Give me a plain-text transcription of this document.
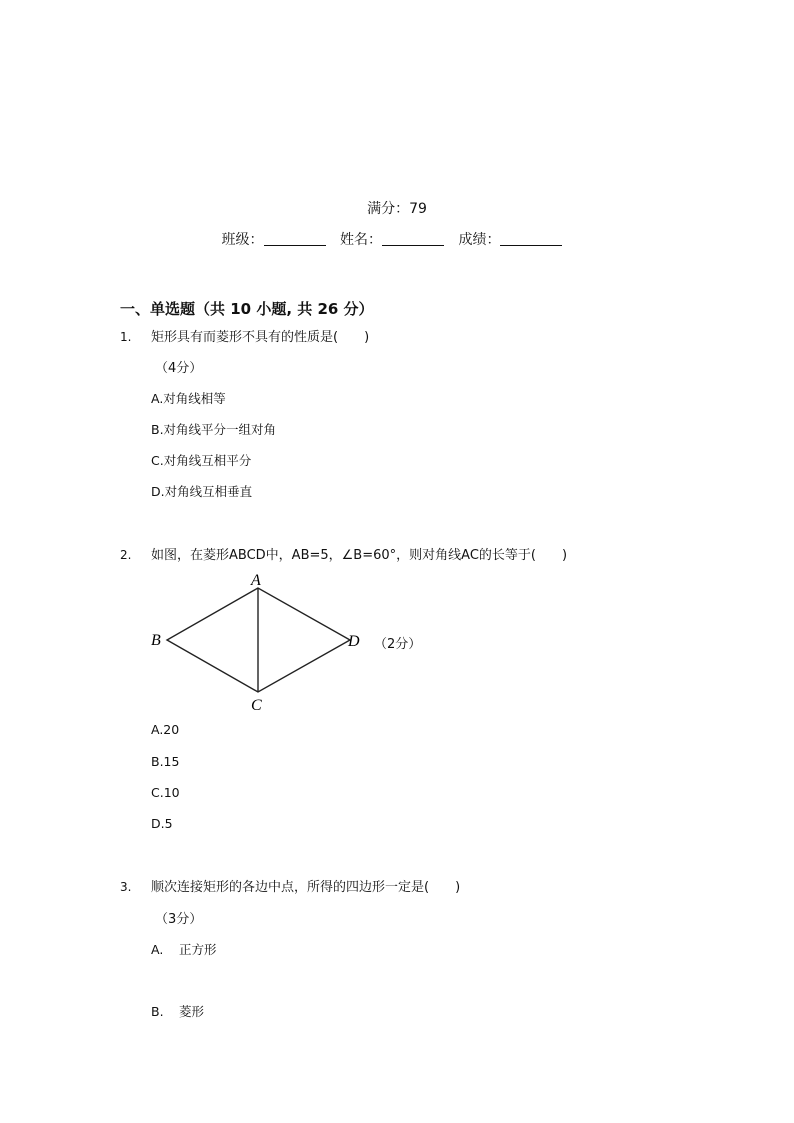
满分：79
班级：	姓名：	成绩：
一、单选题（共 10 小题, 共 26 分）
1. 矩形具有而菱形不具有的性质是(　　)
（4分）
A.对角线相等
B.对角线平分一组对角
C.对角线互相平分
D.对角线互相垂直
2. 如图，在菱形ABCD中，AB=5，∠B=60°，则对角线AC的长等于(　　)
A
B
C
D （2分）
A.20
B.15
C.10
D.5
3. 顺次连接矩形的各边中点，所得的四边形一定是(　　)
（3分）
A. 正方形
B. 菱形
